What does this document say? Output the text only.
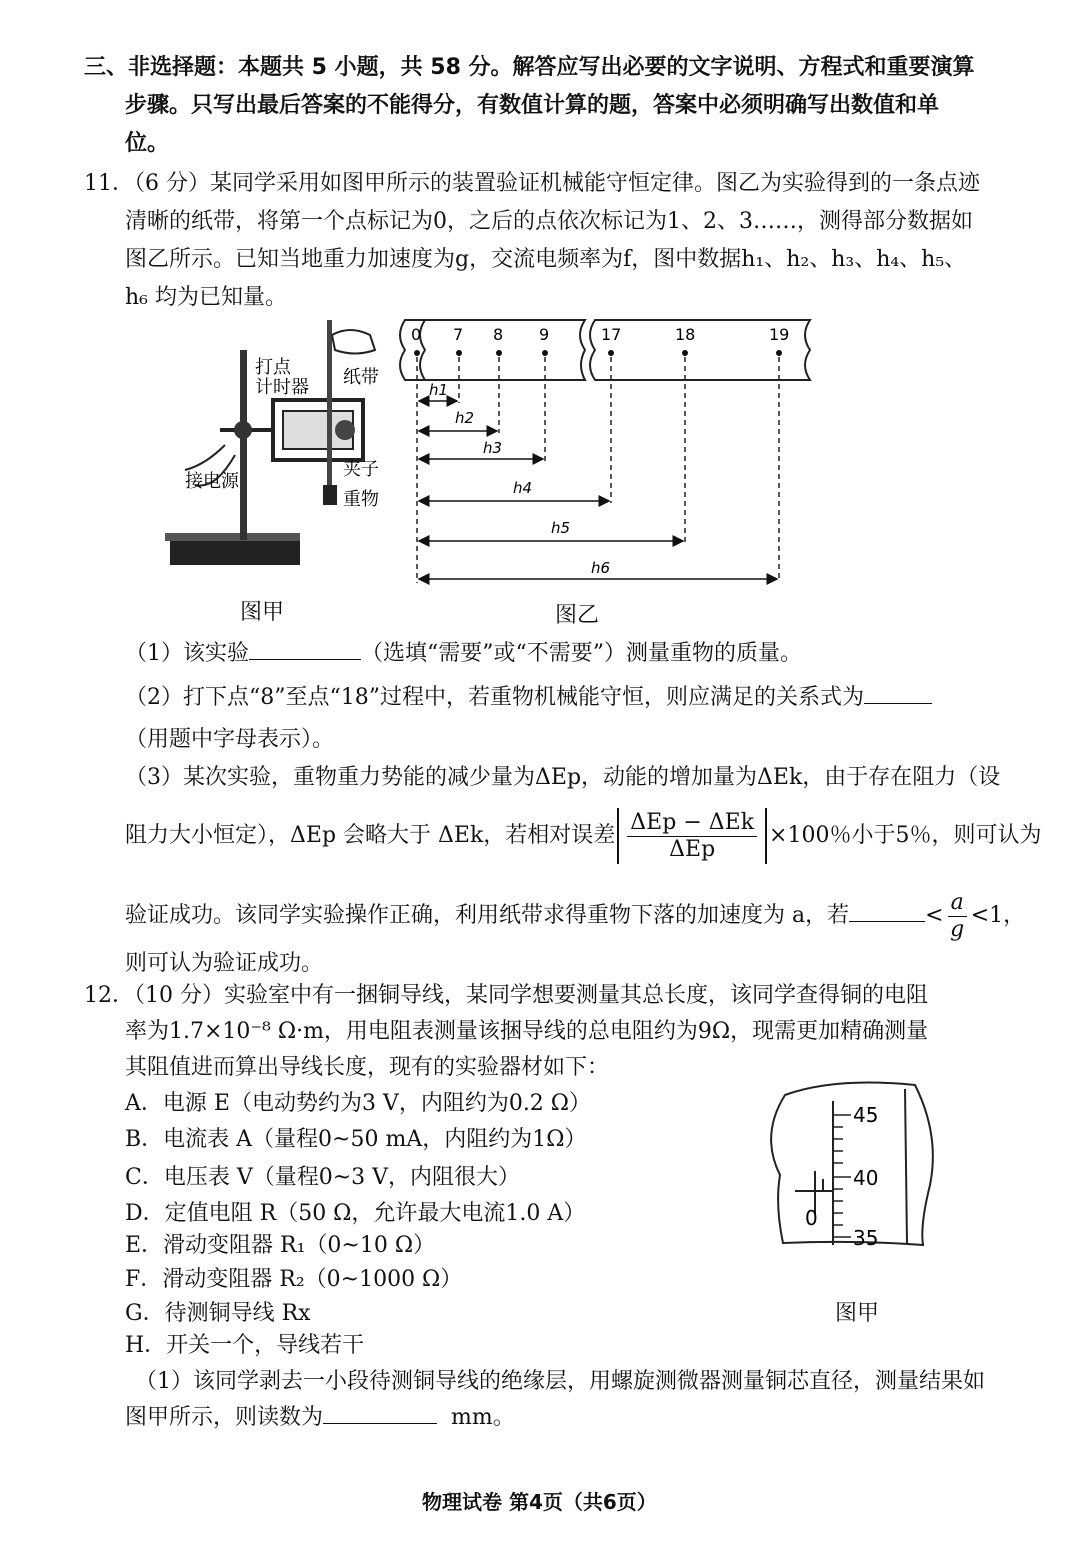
三、非选择题：本题共 5 小题，共 58 分。解答应写出必要的文字说明、方程式和重要演算
步骤。只写出最后答案的不能得分，有数值计算的题，答案中必须明确写出数值和单
位。
11．（6 分）某同学采用如图甲所示的装置验证机械能守恒定律。图乙为实验得到的一条点迹
清晰的纸带，将第一个点标记为0，之后的点依次标记为1、2、3……，测得部分数据如
图乙所示。已知当地重力加速度为g，交流电频率为f，图中数据h₁、h₂、h₃、h₄、h₅、
h₆ 均为已知量。
打点
计时器 纸带
接电源
夹子
重物
图甲
0 7 8 9	17	18	19
h1
h2
h3
h4
h5
h6
图乙
（1）该实验	（选填“需要”或“不需要”）测量重物的质量。
（2）打下点“8”至点“18”过程中，若重物机械能守恒，则应满足的关系式为
（用题中字母表示）。
（3）某次实验，重物重力势能的减少量为ΔEp，动能的增加量为ΔEk，由于存在阻力（设
阻力大小恒定），ΔEp 会略大于 ΔEk，若相对误差 $\frac{\text{ΔEp − ΔEk}}{\text{ΔEp}} \times 100$％小于5％，则可认为
验证成功。该同学实验操作正确，利用纸带求得重物下落的加速度为 a，若	< $\frac{a}{g} <1$，
则可认为验证成功。
12．（10 分）实验室中有一捆铜导线，某同学想要测量其总长度，该同学查得铜的电阻
率为1.7×10⁻⁸ Ω·m，用电阻表测量该捆导线的总电阻约为9Ω，现需更加精确测量
其阻值进而算出导线长度，现有的实验器材如下：
A．电源 E（电动势约为3 V，内阻约为0.2 Ω）
B．电流表 A（量程0~50 mA，内阻约为1Ω）
C．电压表 V（量程0~3 V，内阻很大）
D．定值电阻 R（50 Ω，允许最大电流1.0 A）
E．滑动变阻器 R₁（0~10 Ω）
F．滑动变阻器 R₂（0~1000 Ω）
G．待测铜导线 Rx
H．开关一个，导线若干
45
40
35
0
图甲
（1）该同学剥去一小段待测铜导线的绝缘层，用螺旋测微器测量铜芯直径，测量结果如
图甲所示，则读数为	mm。
物理试卷 第4页（共6页）
